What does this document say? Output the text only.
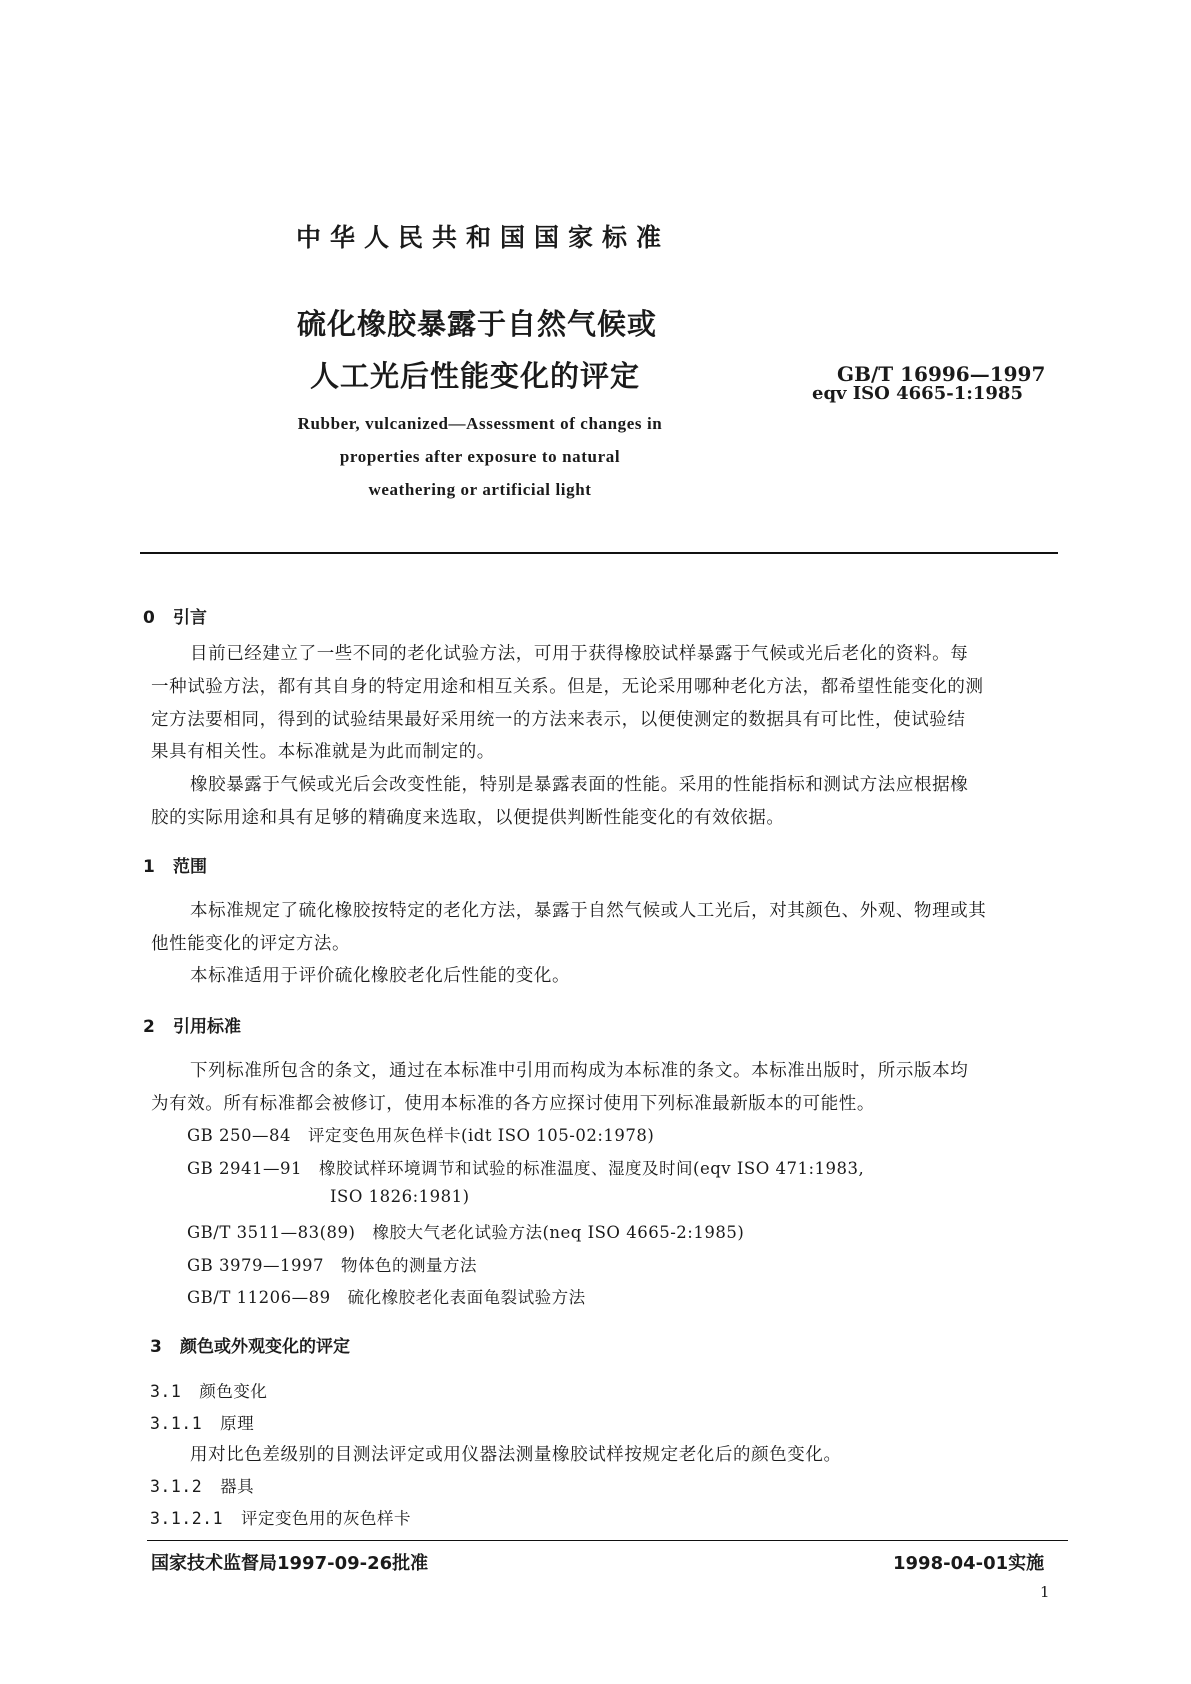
中华人民共和国国家标准
硫化橡胶暴露于自然气候或
人工光后性能变化的评定	GB/T 16996—1997
eqv ISO 4665-1:1985
Rubber, vulcanized—Assessment of changes in
properties after exposure to natural
weathering or artificial light
0 引言
目前已经建立了一些不同的老化试验方法，可用于获得橡胶试样暴露于气候或光后老化的资料。每
一种试验方法，都有其自身的特定用途和相互关系。但是，无论采用哪种老化方法，都希望性能变化的测
定方法要相同，得到的试验结果最好采用统一的方法来表示，以便使测定的数据具有可比性，使试验结
果具有相关性。本标准就是为此而制定的。
橡胶暴露于气候或光后会改变性能，特别是暴露表面的性能。采用的性能指标和测试方法应根据橡
胶的实际用途和具有足够的精确度来选取，以便提供判断性能变化的有效依据。
1 范围
本标准规定了硫化橡胶按特定的老化方法，暴露于自然气候或人工光后，对其颜色、外观、物理或其
他性能变化的评定方法。
本标准适用于评价硫化橡胶老化后性能的变化。
2 引用标准
下列标准所包含的条文，通过在本标准中引用而构成为本标准的条文。本标准出版时，所示版本均
为有效。所有标准都会被修订，使用本标准的各方应探讨使用下列标准最新版本的可能性。
GB 250—84　评定变色用灰色样卡(idt ISO 105-02:1978)
GB 2941—91　橡胶试样环境调节和试验的标准温度、湿度及时间(eqv ISO 471:1983,
ISO 1826:1981)
GB/T 3511—83(89)　橡胶大气老化试验方法(neq ISO 4665-2:1985)
GB 3979—1997　物体色的测量方法
GB/T 11206—89　硫化橡胶老化表面龟裂试验方法
3 颜色或外观变化的评定
3.1 颜色变化
3.1.1 原理
用对比色差级别的目测法评定或用仪器法测量橡胶试样按规定老化后的颜色变化。
3.1.2 器具
3.1.2.1 评定变色用的灰色样卡
国家技术监督局1997-09-26批准	1998-04-01实施
1
